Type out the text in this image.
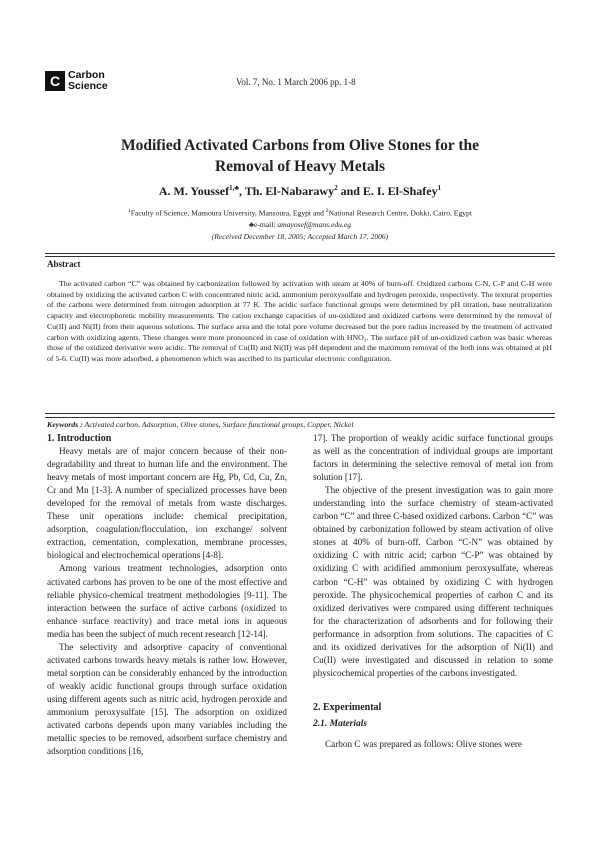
C Carbon
Science	Vol. 7, No. 1 March 2006 pp. 1-8
Modified Activated Carbons from Olive Stones for the
Removal of Heavy Metals
A. M. Youssef$^{1,♣}$, Th. El-Nabarawy$^2$ and E. I. El-Shafey$^1$
$^1$Faculty of Science, Mansoura University, Mansoura, Egypt and $^2$National Research Centre, Dokki, Cairo, Egypt
♣e-mail: amayosef@mans.edu.eg
(Received December 18, 2005; Accepted March 17, 2006)
Abstract
The activated carbon “C” was obtained by carbonization followed by activation with steam at 40% of burn-off. Oxidized carbons C-N, C-P and C-H were obtained by oxidizing the activated carbon C with concentrated nitric acid, ammonium peroxysulfate and hydrogen peroxide, respectively. The textural properties of the carbons were determined from nitrogen adsorption at 77 K. The acidic surface functional groups were determined by pH titration, base neutralization capacity and electrophoretic mobility measurements. The cation exchange capacities of un-oxidized and oxidized carbons were determined by the removal of Cu(II) and Ni(II) from their aqueous solutions. The surface area and the total pore volume decreased but the pore radius increased by the treatment of activated carbon with oxidizing agents. These changes were more pronounced in case of oxidation with HNO₃. The surface pH of un-oxidized carbon was basic whereas those of the oxidized derivative were acidic. The removal of Cu(II) and Ni(II) was pH dependent and the maximum removal of the both ions was obtained at pH of 5-6. Cu(II) was more adsorbed, a phenomenon which was ascribed to its particular electronic configuration.
Keywords : Activated carbon, Adsorption, Olive stones, Surface functional groups, Copper, Nickel

1. Introduction

Heavy metals are of major concern because of their non-degradability and threat to human life and the environment. The heavy metals of most important concern are Hg, Pb, Cd, Cu, Zn, Cr and Mn [1-3]. A number of specialized processes have been developed for the removal of metals from waste discharges. These unit operations include: chemical precipitation, adsorption, coagulation/flocculation, ion exchange/ solvent extraction, cementation, complexation, membrane processes, biological and electrochemical operations [4-8].

Among various treatment technologies, adsorption onto activated carbons has proven to be one of the most effective and reliable physico-chemical treatment methodologies [9-11]. The interaction between the surface of active carbons (oxidized to enhance surface reactivity) and trace metal ions in aqueous media has been the subject of much recent research [12-14].

The selectivity and adsorptive capacity of conventional activated carbons towards heavy metals is rather low. However, metal sorption can be considerably enhanced by the introduction of weakly acidic functional groups through surface oxidation using different agents such as nitric acid, hydrogen peroxide and ammonium peroxysulfate [15]. The adsorption on oxidized activated carbons depends upon many variables including the metallic species to be removed, adsorbent surface chemistry and adsorption conditions [16,

17]. The proportion of weakly acidic surface functional groups as well as the concentration of individual groups are important factors in determining the selective removal of metal ion from solution [17].

The objective of the present investigation was to gain more understanding into the surface chemistry of steam-activated carbon “C” and three C-based oxidized carbons. Carbon “C” was obtained by carbonization followed by steam activation of olive stones at 40% of burn-off. Carbon “C-N” was obtained by oxidizing C with nitric acid; carbon “C-P” was obtained by oxidizing C with acidified ammonium peroxysulfate, whereas carbon “C-H” was obtained by oxidizing C with hydrogen peroxide. The physicochemical properties of carbon C and its oxidized derivatives were compared using different techniques for the characterization of adsorbents and for following their performance in adsorption from solutions. The capacities of C and its oxidized derivatives for the adsorption of Ni(II) and Cu(II) were investigated and discussed in relation to some physicochemical properties of the carbons investigated.

2. Experimental

2.1. Materials

Carbon C was prepared as follows: Olive stones were
